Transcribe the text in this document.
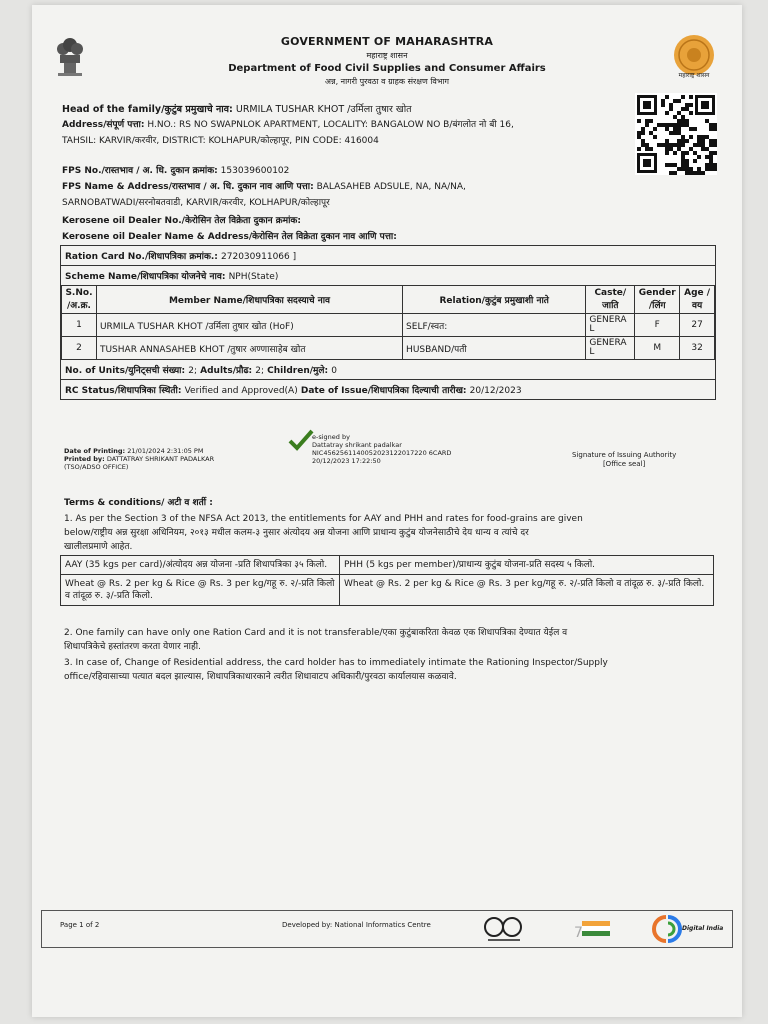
GOVERNMENT OF MAHARASHTRA
महाराष्ट्र शासन
Department of Food Civil Supplies and Consumer Affairs
अन्न, नागरी पुरवठा व ग्राहक संरक्षण विभाग
महाराष्ट्र शासन
Head of the family/कुटुंब प्रमुखाचे नाव: URMILA TUSHAR KHOT /उर्मिला तुषार खोत
Address/संपूर्ण पत्ता: H.NO.: RS NO SWAPNLOK APARTMENT, LOCALITY: BANGALOW NO B/बंगलोत नो बी 16,
TAHSIL: KARVIR/करवीर, DISTRICT: KOLHAPUR/कोल्हापूर, PIN CODE: 416004
FPS No./रास्तभाव / अ. धि. दुकान क्रमांक: 153039600102
FPS Name & Address/रास्तभाव / अ. धि. दुकान नाव आणि पत्ता: BALASAHEB ADSULE, NA, NA/NA,
SARNOBATWADI/सरनोबतवाडी, KARVIR/करवीर, KOLHAPUR/कोल्हापूर
Kerosene oil Dealer No./केरोसिन तेल विक्रेता दुकान क्रमांक:
Kerosene oil Dealer Name & Address/केरोसिन तेल विक्रेता दुकान नाव आणि पत्ता:
Ration Card No./शिधापत्रिका क्रमांक.: 272030911066 ]
Scheme Name/शिधापत्रिका योजनेचे नाव: NPH(State)
S.No. /अ.क्र.	Member Name/शिधापत्रिका सदस्याचे नाव	Relation/कुटुंब प्रमुखाशी नाते	Caste/ जाति	Gender /लिंग	Age /वय
1	URMILA TUSHAR KHOT /उर्मिला तुषार खोत (HoF)	SELF/स्वत:	GENERA L	F	27
2	TUSHAR ANNASAHEB KHOT /तुषार अण्णासाहेब खोत	HUSBAND/पती	GENERA L	M	32
No. of Units/युनिट्सची संख्या: 2; Adults/प्रौढ: 2; Children/मुले: 0
RC Status/शिधापत्रिका स्थिती: Verified and Approved(A) Date of Issue/शिधापत्रिका दिल्याची तारीख: 20/12/2023
Date of Printing: 21/01/2024 2:31:05 PM
Printed by: DATTATRAY SHRIKANT PADALKAR
(TSO/ADSO OFFICE)
e-signed by
Dattatray shrikant padalkar
NIC4562561140052023122017220 6CARD
20/12/2023 17:22:50
Signature of Issuing Authority
[Office seal]
Terms & conditions/ अटी व शर्ती :
1. As per the Section 3 of the NFSA Act 2013, the entitlements for AAY and PHH and rates for food-grains are given
below/राष्ट्रीय अन्न सुरक्षा अधिनियम, २०१३ मधील कलम-३ नुसार अंत्योदय अन्न योजना आणि प्राधान्य कुटुंब योजनेसाठीचे देय धान्य व त्यांचे दर
खालीलप्रमाणे आहेत.
AAY (35 kgs per card)/अंत्योदय अन्न योजना -प्रति शिधापत्रिका ३५ किलो.	PHH (5 kgs per member)/प्राधान्य कुटुंब योजना-प्रति सदस्य ५ किलो.
Wheat @ Rs. 2 per kg & Rice @ Rs. 3 per kg/गहू रु. २/-प्रति किलो व तांदूळ रु. ३/-प्रति किलो.	Wheat @ Rs. 2 per kg & Rice @ Rs. 3 per kg/गहू रु. २/-प्रति किलो व तांदूळ रु. ३/-प्रति किलो.
2. One family can have only one Ration Card and it is not transferable/एका कुटुंबाकरिता केवळ एक शिधापत्रिका देण्यात येईल व
शिधापत्रिकेचे हस्तांतरण करता येणार नाही.
3. In case of, Change of Residential address, the card holder has to immediately intimate the Rationing Inspector/Supply
office/रहिवासाच्या पत्यात बदल झाल्यास, शिधापत्रिकाधारकाने त्वरीत शिधावाटप अधिकारी/पुरवठा कार्यालयास कळवावे.
Page 1 of 2	Developed by: National Informatics Centre	7	Digital India
